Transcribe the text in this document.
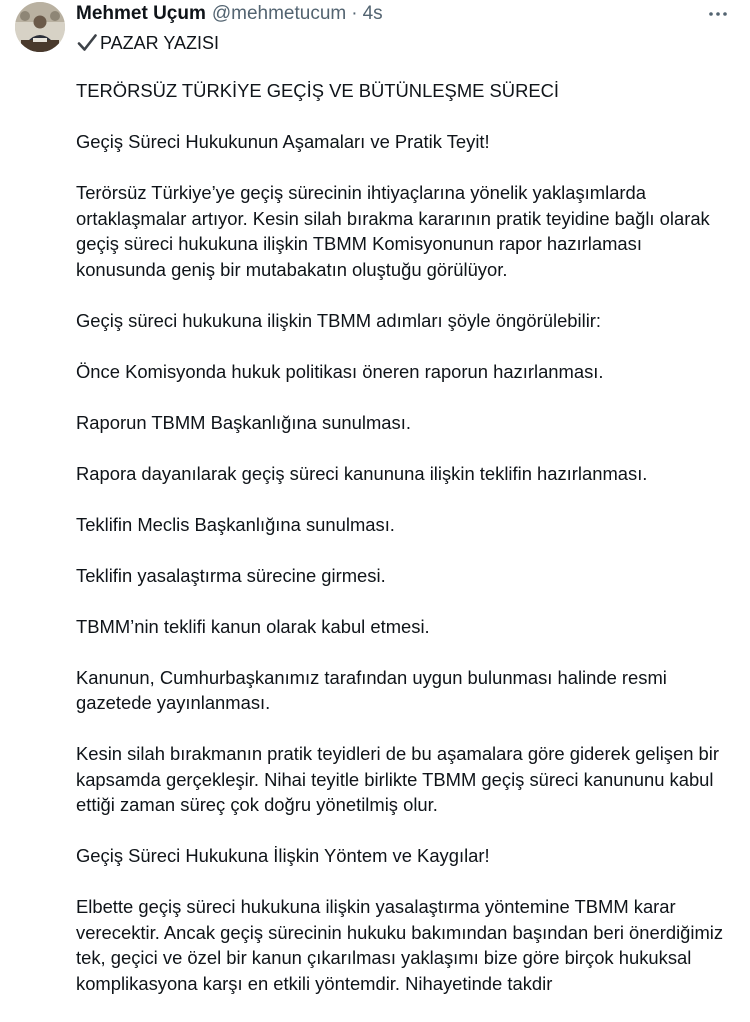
Mehmet Uçum @mehmetucum · 4s
PAZAR YAZISI

TERÖRSÜZ TÜRKİYE GEÇİŞ VE BÜTÜNLEŞME SÜRECİ

Geçiş Süreci Hukukunun Aşamaları ve Pratik Teyit!

Terörsüz Türkiye’ye geçiş sürecinin ihtiyaçlarına yönelik yaklaşımlarda ortaklaşmalar artıyor. Kesin silah bırakma kararının pratik teyidine bağlı olarak geçiş süreci hukukuna ilişkin TBMM Komisyonunun rapor hazırlaması konusunda geniş bir mutabakatın oluştuğu görülüyor.

Geçiş süreci hukukuna ilişkin TBMM adımları şöyle öngörülebilir:

Önce Komisyonda hukuk politikası öneren raporun hazırlanması.

Raporun TBMM Başkanlığına sunulması.

Rapora dayanılarak geçiş süreci kanununa ilişkin teklifin hazırlanması.

Teklifin Meclis Başkanlığına sunulması.

Teklifin yasalaştırma sürecine girmesi.

TBMM’nin teklifi kanun olarak kabul etmesi.

Kanunun, Cumhurbaşkanımız tarafından uygun bulunması halinde resmi gazetede yayınlanması.

Kesin silah bırakmanın pratik teyidleri de bu aşamalara göre giderek gelişen bir kapsamda gerçekleşir. Nihai teyitle birlikte TBMM geçiş süreci kanununu kabul ettiği zaman süreç çok doğru yönetilmiş olur.

Geçiş Süreci Hukukuna İlişkin Yöntem ve Kaygılar!

Elbette geçiş süreci hukukuna ilişkin yasalaştırma yöntemine TBMM karar verecektir. Ancak geçiş sürecinin hukuku bakımından başından beri önerdiğimiz tek, geçici ve özel bir kanun çıkarılması yaklaşımı bize göre birçok hukuksal komplikasyona karşı en etkili yöntemdir. Nihayetinde takdir
